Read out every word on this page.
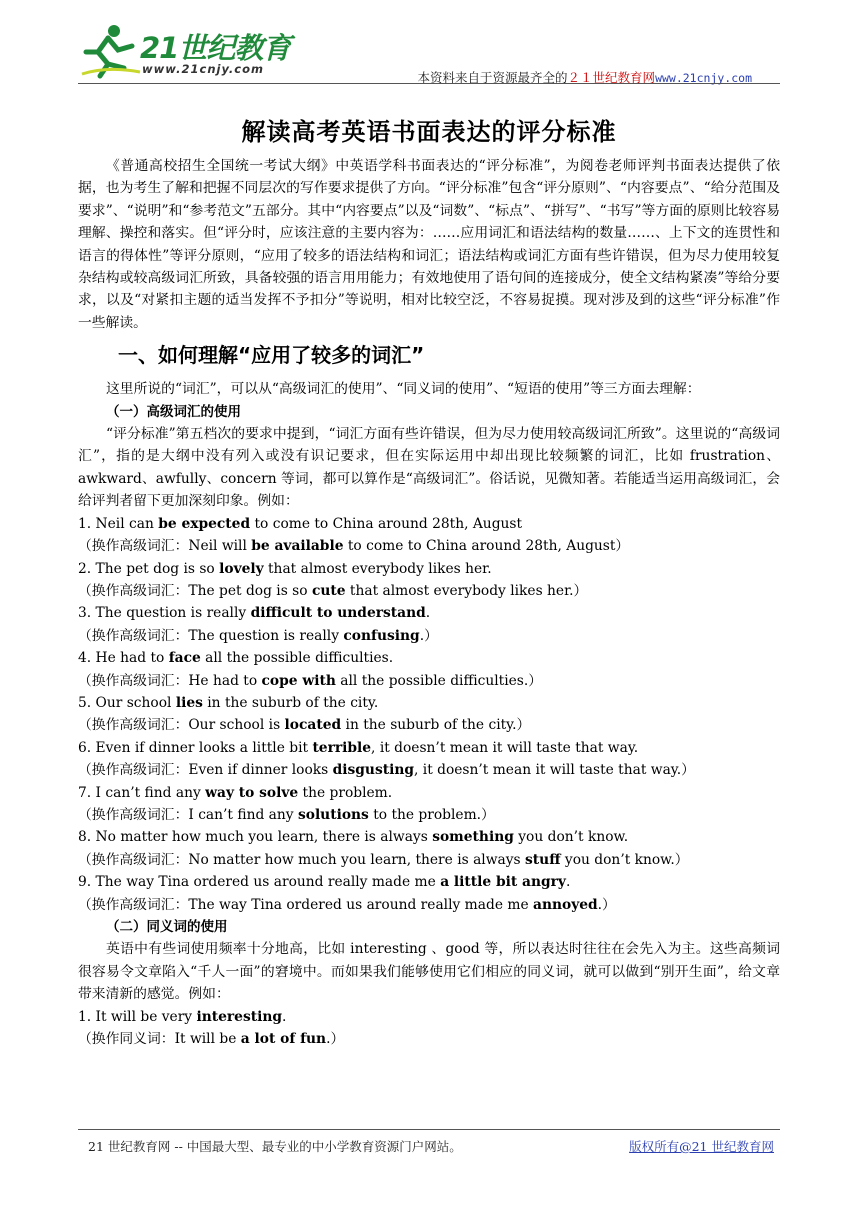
21世纪教育
www.21cnjy.com
本资料来自于资源最齐全的２１世纪教育网www.21cnjy.com
解读高考英语书面表达的评分标准

《普通高校招生全国统一考试大纲》中英语学科书面表达的“评分标准”，为阅卷老师评判书面表达提供了依据，也为考生了解和把握不同层次的写作要求提供了方向。“评分标准”包含“评分原则”、“内容要点”、“给分范围及要求”、“说明”和“参考范文”五部分。其中“内容要点”以及“词数”、“标点”、“拼写”、“书写”等方面的原则比较容易理解、操控和落实。但“评分时，应该注意的主要内容为：……应用词汇和语法结构的数量……、上下文的连贯性和语言的得体性”等评分原则，“应用了较多的语法结构和词汇；语法结构或词汇方面有些许错误，但为尽力使用较复杂结构或较高级词汇所致，具备较强的语言用用能力；有效地使用了语句间的连接成分，使全文结构紧凑”等给分要求，以及“对紧扣主题的适当发挥不予扣分”等说明，相对比较空泛，不容易捉摸。现对涉及到的这些“评分标准”作一些解读。

一、如何理解“应用了较多的词汇”

这里所说的“词汇”，可以从“高级词汇的使用”、“同义词的使用”、“短语的使用”等三方面去理解：

（一）高级词汇的使用

“评分标准”第五档次的要求中提到，“词汇方面有些许错误，但为尽力使用较高级词汇所致”。这里说的“高级词汇”，指的是大纲中没有列入或没有识记要求，但在实际运用中却出现比较频繁的词汇，比如 frustration、awkward、awfully、concern 等词，都可以算作是“高级词汇”。俗话说，见微知著。若能适当运用高级词汇，会给评判者留下更加深刻印象。例如：

1. Neil can be expected to come to China around 28th, August
（换作高级词汇：Neil will be available to come to China around 28th, August）
2. The pet dog is so lovely that almost everybody likes her.
（换作高级词汇：The pet dog is so cute that almost everybody likes her.）
3. The question is really difficult to understand.
（换作高级词汇：The question is really confusing.）
4. He had to face all the possible difficulties.
（换作高级词汇：He had to cope with all the possible difficulties.）
5. Our school lies in the suburb of the city.
（换作高级词汇：Our school is located in the suburb of the city.）
6. Even if dinner looks a little bit terrible, it doesn’t mean it will taste that way.
（换作高级词汇：Even if dinner looks disgusting, it doesn’t mean it will taste that way.）
7. I can’t find any way to solve the problem.
（换作高级词汇：I can’t find any solutions to the problem.）
8. No matter how much you learn, there is always something you don’t know.
（换作高级词汇：No matter how much you learn, there is always stuff you don’t know.）
9. The way Tina ordered us around really made me a little bit angry.
（换作高级词汇：The way Tina ordered us around really made me annoyed.）
（二）同义词的使用

英语中有些词使用频率十分地高，比如 interesting 、good 等，所以表达时往往在会先入为主。这些高频词很容易令文章陷入“千人一面”的窘境中。而如果我们能够使用它们相应的同义词，就可以做到“别开生面”，给文章带来清新的感觉。例如：

1. It will be very interesting.
（换作同义词：It will be a lot of fun.）
21 世纪教育网 -- 中国最大型、最专业的中小学教育资源门户网站。	版权所有@21 世纪教育网
